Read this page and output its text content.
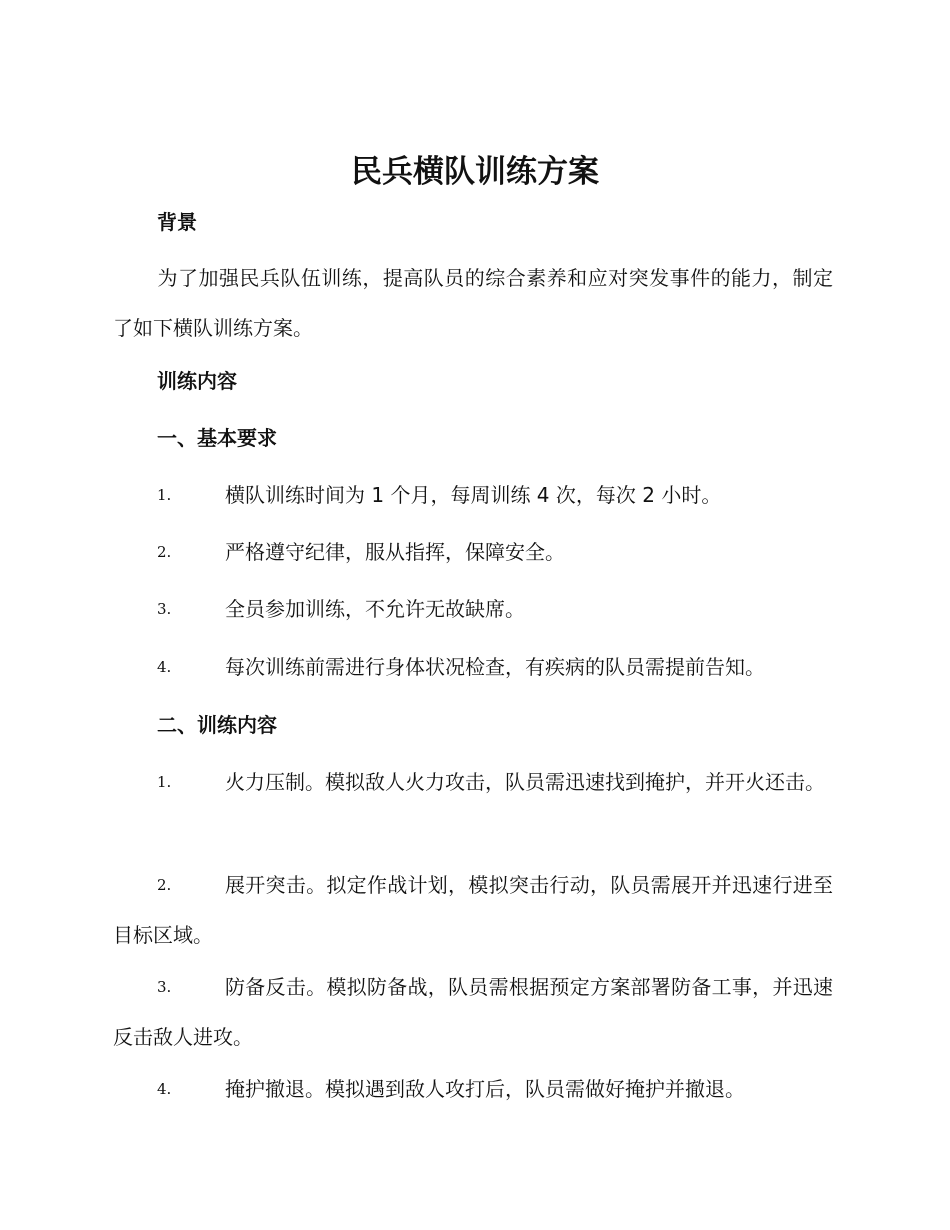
民兵横队训练方案
背景
为了加强民兵队伍训练，提高队员的综合素养和应对突发事件的能力，制定了如下横队训练方案。
训练内容
一、基本要求
1.	横队训练时间为 1 个月，每周训练 4 次，每次 2 小时。
2.	严格遵守纪律，服从指挥，保障安全。
3.	全员参加训练，不允许无故缺席。
4.	每次训练前需进行身体状况检查，有疾病的队员需提前告知。
二、训练内容
1.	火力压制。模拟敌人火力攻击，队员需迅速找到掩护，并开火还击。
2.	展开突击。拟定作战计划，模拟突击行动，队员需展开并迅速行进至目标区域。
3.	防备反击。模拟防备战，队员需根据预定方案部署防备工事，并迅速反击敌人进攻。
4.	掩护撤退。模拟遇到敌人攻打后，队员需做好掩护并撤退。
